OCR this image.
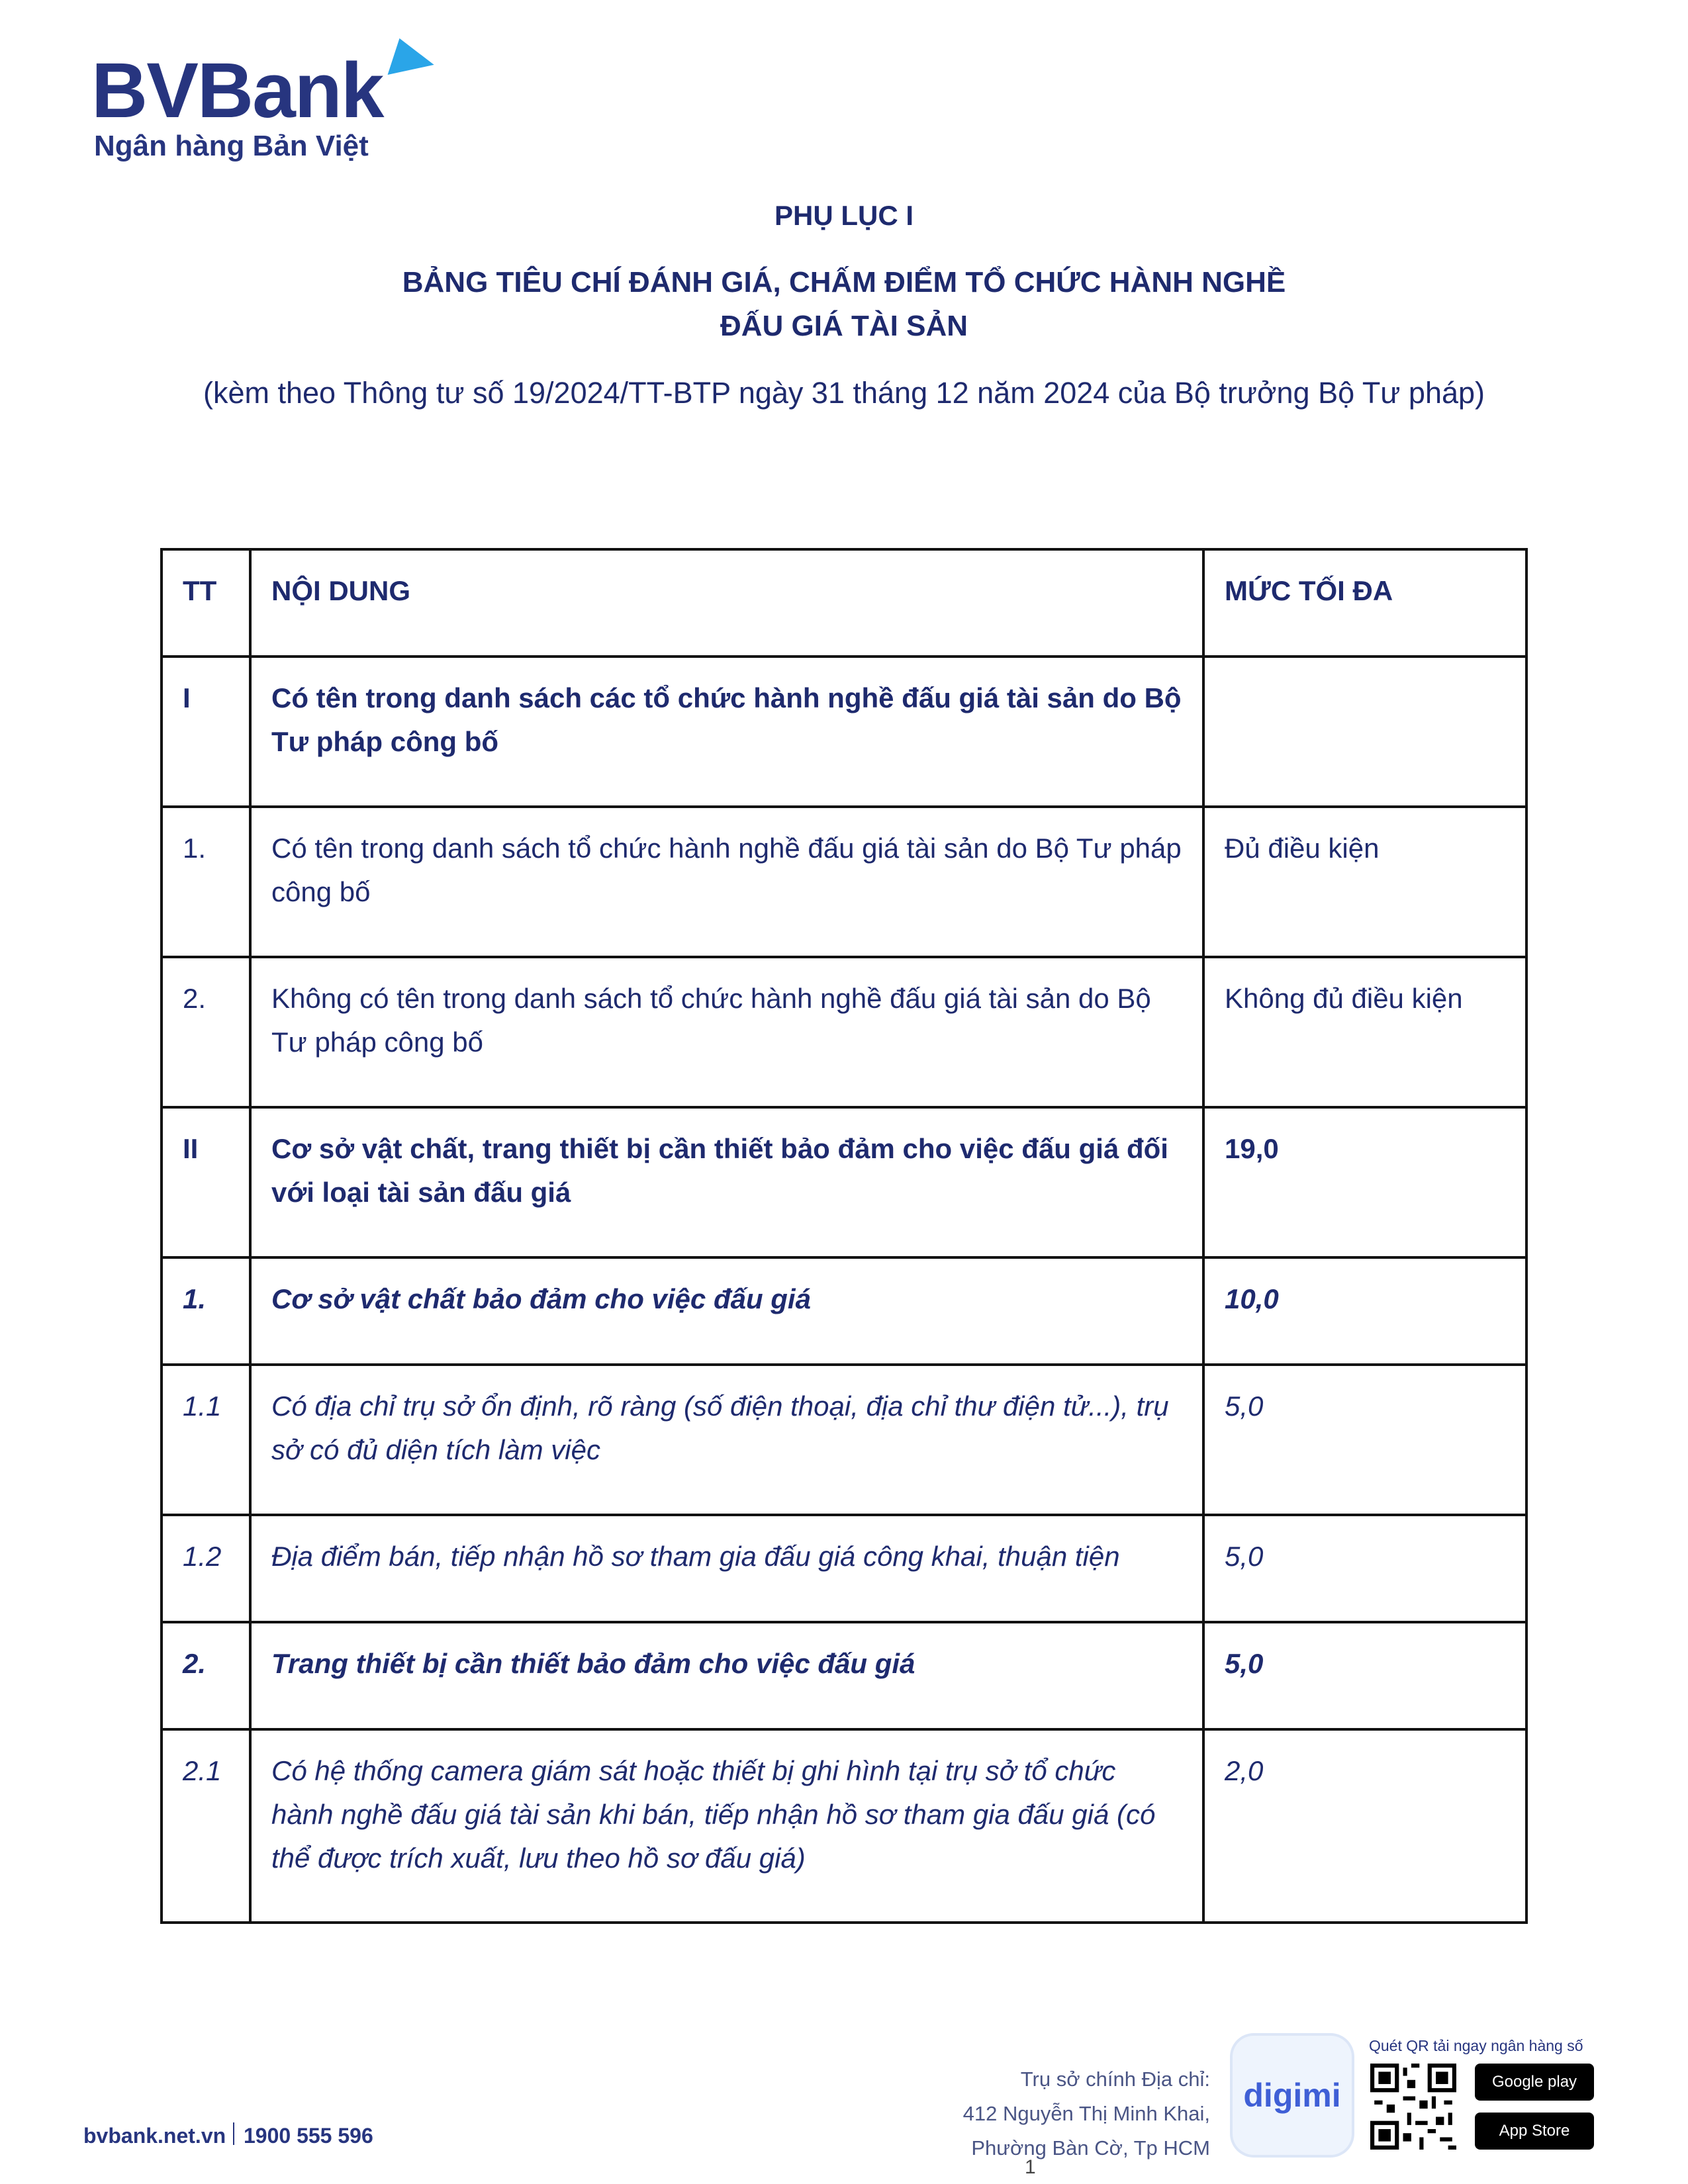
BVBank
Ngân hàng Bản Việt
PHỤ LỤC I
BẢNG TIÊU CHÍ ĐÁNH GIÁ, CHẤM ĐIỂM TỔ CHỨC HÀNH NGHỀ
ĐẤU GIÁ TÀI SẢN
(kèm theo Thông tư số 19/2024/TT-BTP ngày 31 tháng 12 năm 2024 của Bộ trưởng Bộ Tư pháp)
TT	NỘI DUNG	MỨC TỐI ĐA
I	Có tên trong danh sách các tổ chức hành nghề đấu giá tài sản do Bộ Tư pháp công bố	
1.	Có tên trong danh sách tổ chức hành nghề đấu giá tài sản do Bộ Tư pháp công bố	Đủ điều kiện
2.	Không có tên trong danh sách tổ chức hành nghề đấu giá tài sản do Bộ Tư pháp công bố	Không đủ điều kiện
II	Cơ sở vật chất, trang thiết bị cần thiết bảo đảm cho việc đấu giá đối với loại tài sản đấu giá	19,0
1.	Cơ sở vật chất bảo đảm cho việc đấu giá	10,0
1.1	Có địa chỉ trụ sở ổn định, rõ ràng (số điện thoại, địa chỉ thư điện tử...), trụ sở có đủ diện tích làm việc	5,0
1.2	Địa điểm bán, tiếp nhận hồ sơ tham gia đấu giá công khai, thuận tiện	5,0
2.	Trang thiết bị cần thiết bảo đảm cho việc đấu giá	5,0
2.1	Có hệ thống camera giám sát hoặc thiết bị ghi hình tại trụ sở tổ chức hành nghề đấu giá tài sản khi bán, tiếp nhận hồ sơ tham gia đấu giá (có thể được trích xuất, lưu theo hồ sơ đấu giá)	2,0
bvbank.net.vn 1900 555 596
Trụ sở chính Địa chỉ:
412 Nguyễn Thị Minh Khai,
Phường Bàn Cờ, Tp HCM
digimi
Quét QR tải ngay ngân hàng số
Google play
App Store
1
